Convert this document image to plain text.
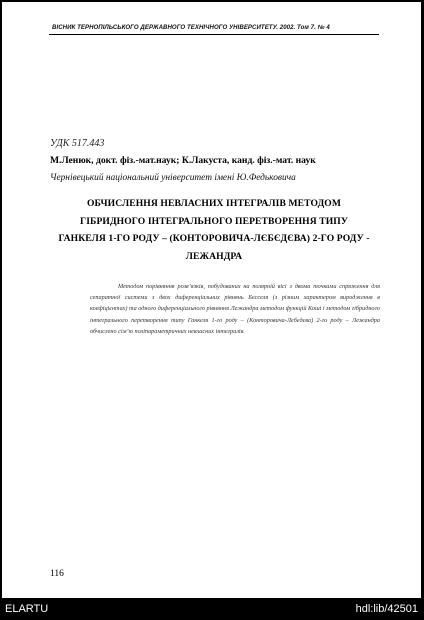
ВІСНИК ТЕРНОПІЛЬСЬКОГО ДЕРЖАВНОГО ТЕХНІЧНОГО УНІВЕРСИТЕТУ. 2002. Том 7. № 4
УДК 517.443
М.Ленюк, докт. фіз.-мат.наук; К.Лакуста, канд. фіз.-мат. наук
Чернівецький національний університет імені Ю.Федьковича
ОБЧИСЛЕННЯ НЕВЛАСНИХ ІНТЕГРАЛІВ МЕТОДОМ
ГІБРИДНОГО ІНТЕГРАЛЬНОГО ПЕРЕТВОРЕННЯ ТИПУ
ГАНКЕЛЯ 1-ГО РОДУ – (КОНТОРОВИЧА-ЛЄБЄДЄВА) 2-ГО РОДУ -
ЛЕЖАНДРА

Методом порівняння розв’язків, побудованих на полярній вісі з двома точками спряження для сепаратної системи з двох диференціальних рівнянь Бесселя (з різним характером виродження в коефіцієнтах) та одного диференціального рівняння Лежандра методом функцій Коші і методом гібридного інтегрального перетворення типу Ганкеля 1-го роду – (Конторовича-Лєбєдєва) 2-го роду – Лежандра обчислено сім’ю поліпараметричних невласних інтегралів.

116
ELARTU	hdl:lib/42501
